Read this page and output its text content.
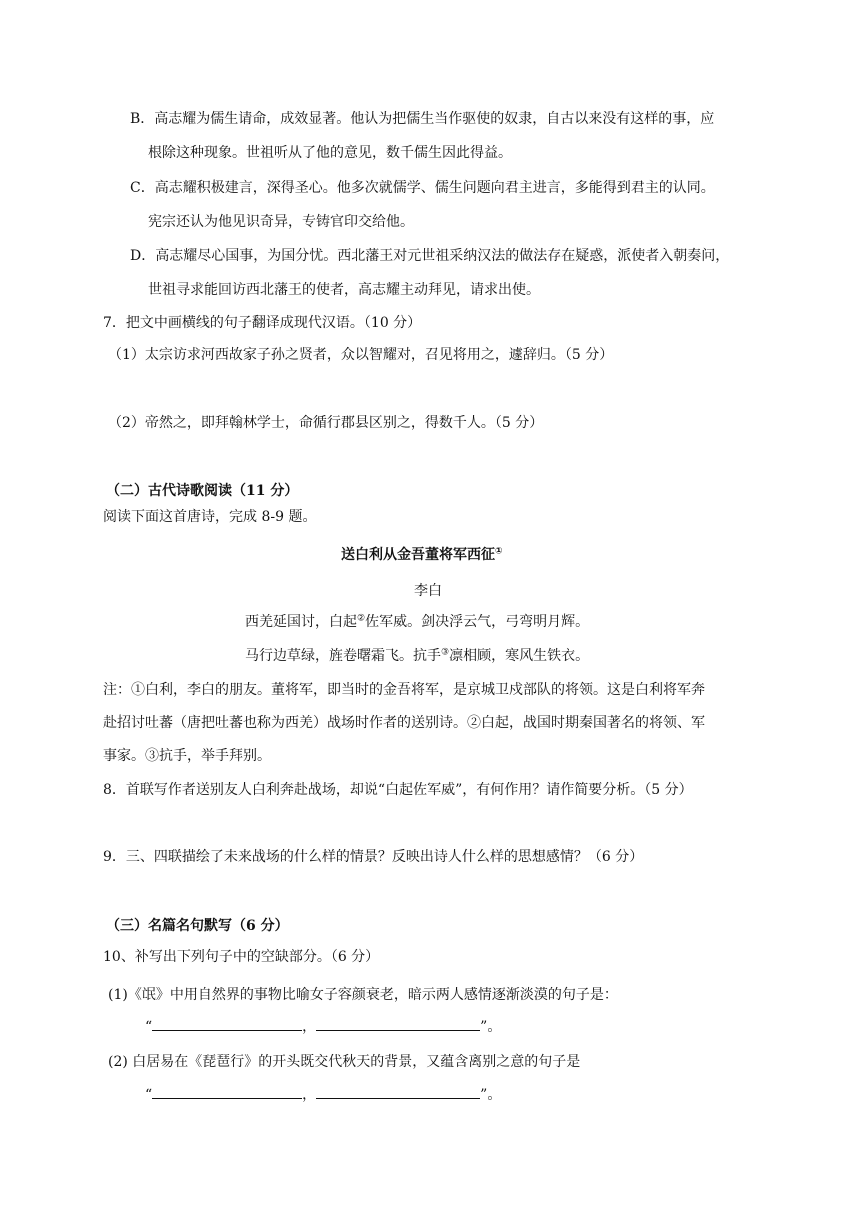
B．高志耀为儒生请命，成效显著。他认为把儒生当作驱使的奴隶，自古以来没有这样的事，应
根除这种现象。世祖听从了他的意见，数千儒生因此得益。
C．高志耀积极建言，深得圣心。他多次就儒学、儒生问题向君主进言，多能得到君主的认同。
宪宗还认为他见识奇异，专铸官印交给他。
D．高志耀尽心国事，为国分忧。西北藩王对元世祖采纳汉法的做法存在疑惑，派使者入朝奏问，
世祖寻求能回访西北藩王的使者，高志耀主动拜见，请求出使。
7．把文中画横线的句子翻译成现代汉语。（10 分）
（1）太宗访求河西故家子孙之贤者，众以智耀对，召见将用之，遽辞归。（5 分）
（2）帝然之，即拜翰林学士，命循行郡县区别之，得数千人。（5 分）
（二）古代诗歌阅读（11 分）
阅读下面这首唐诗，完成 8-9 题。
送白利从金吾董将军西征①
李白
西羌延国讨，白起②佐军威。剑决浮云气，弓弯明月辉。
马行边草绿，旌卷曙霜飞。抗手③凛相顾，寒风生铁衣。
注：①白利，李白的朋友。董将军，即当时的金吾将军，是京城卫戍部队的将领。这是白利将军奔
赴招讨吐蕃（唐把吐蕃也称为西羌）战场时作者的送别诗。②白起，战国时期秦国著名的将领、军
事家。③抗手，举手拜别。
8．首联写作者送别友人白利奔赴战场，却说“白起佐军威”，有何作用？请作简要分析。（5 分）
9．三、四联描绘了未来战场的什么样的情景？反映出诗人什么样的思想感情？（6 分）
（三）名篇名句默写（6 分）
10、补写出下列句子中的空缺部分。（6 分）
(1)《氓》中用自然界的事物比喻女子容颜衰老，暗示两人感情逐渐淡漠的句子是：
“	，	”。
(2) 白居易在《琵琶行》的开头既交代秋天的背景，又蕴含离别之意的句子是
“	，	”。
